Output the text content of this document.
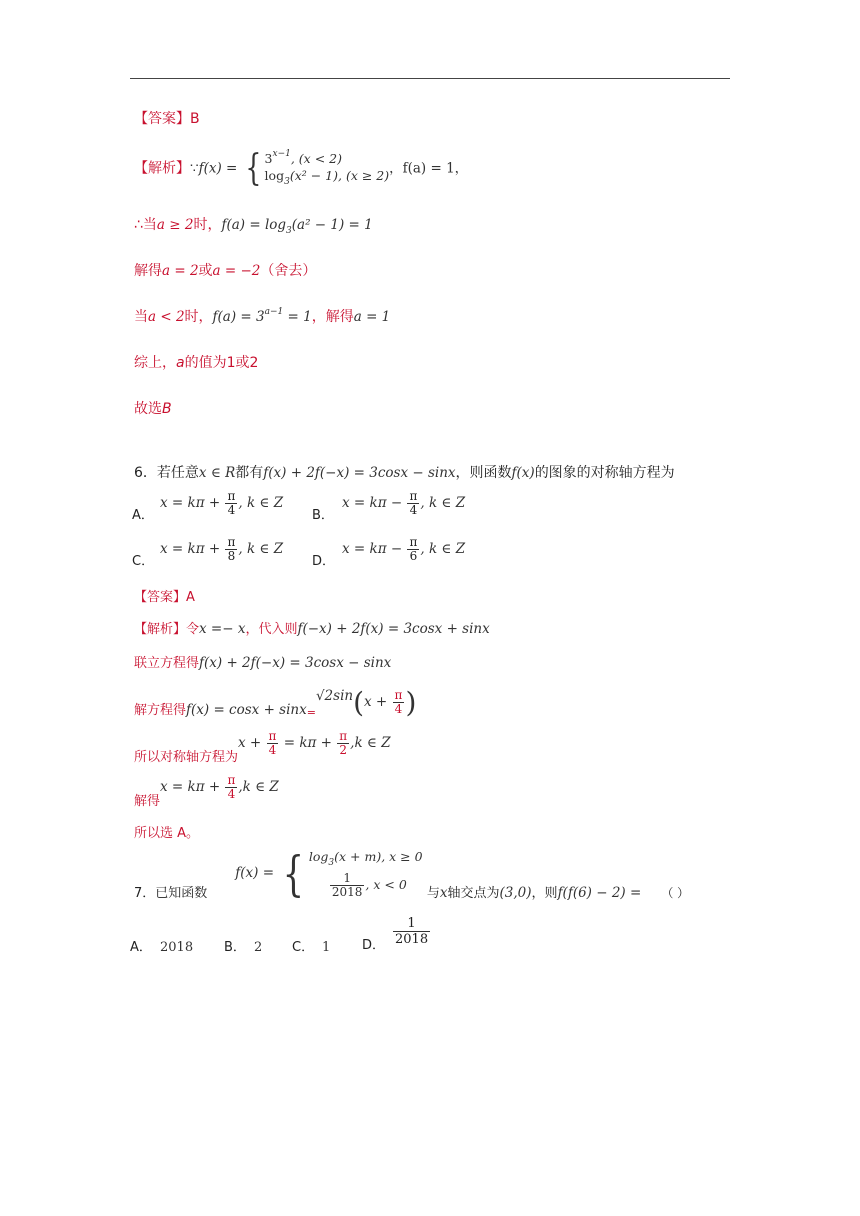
【答案】B
【解析】∵f(x) = { $3^{x-1}$, (x < 2)
$\log_3(x^2 - 1)$, (x ≥ 2) ，f(a) = 1，
∴当a ≥ 2时，$f(a) = \log_3(a^2 - 1) = 1$
解得a = 2或a = −2（舍去）
当a < 2时，$f(a) = 3^{a-1} = 1$，解得a = 1
综上，a的值为1或2
故选B
6．若任意x ∈ R都有f(x) + 2f(−x) = 3cosx − sinx，则函数f(x)的图象的对称轴方程为
A．$x = k\pi + \frac{\pi}{4}$ , k ∈ Z
B．$x = k\pi - \frac{\pi}{4}$ , k ∈ Z
C．$x = k\pi + \frac{\pi}{8}$ , k ∈ Z
D．$x = k\pi - \frac{\pi}{6}$ , k ∈ Z
【答案】A
【解析】令x =− x，代入则f(−x) + 2f(x) = 3cosx + sinx
联立方程得f(x) + 2f(−x) = 3cosx − sinx
解方程得$f(x) = \cos x + \sin x_=√2\sin(x + \frac{\pi}{4}$ )
所以对称轴方程为$x + \frac{\pi}{4} = k\pi + \frac{\pi}{2} ,k$ ∈ Z
解得$x = k\pi + \frac{\pi}{4} ,k$ ∈ Z
所以选 A。
7．已知函数f(x) = { $\log_3(x + m)$, x ≥ 0
$\frac{1}{2018}$ , x < 0
与x轴交点为(3,0)，则f(f(6) − 2) = （ ）
A． 2018 B． 2 C． 1 D． $\frac{1}{2018}$
